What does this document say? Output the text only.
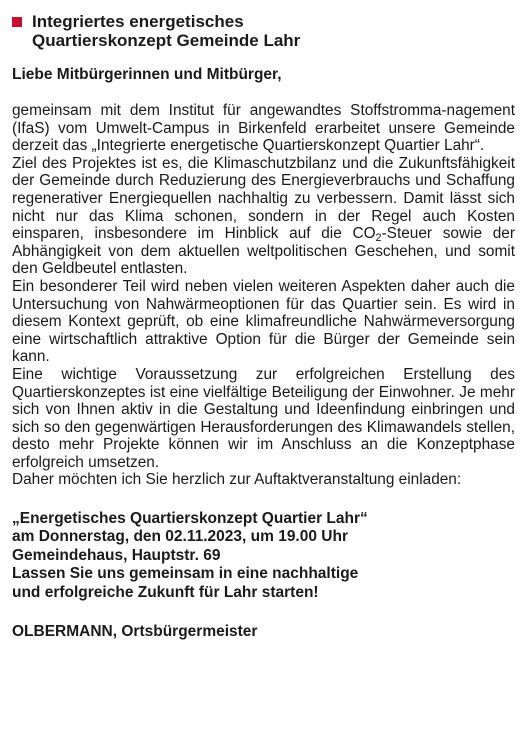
Integriertes energetisches
Quartierskonzept Gemeinde Lahr
Liebe Mitbürgerinnen und Mitbürger,
gemeinsam mit dem Institut für angewandtes Stoffstromma-nagement (IfaS) vom Umwelt-Campus in Birkenfeld erarbeitet unsere Gemeinde derzeit das „Integrierte energetische Quartierskonzept Quartier Lahr“.
Ziel des Projektes ist es, die Klimaschutzbilanz und die Zukunftsfähigkeit der Gemeinde durch Reduzierung des Energieverbrauchs und Schaffung regenerativer Energiequellen nachhaltig zu verbessern. Damit lässt sich nicht nur das Klima schonen, sondern in der Regel auch Kosten einsparen, insbesondere im Hinblick auf die $CO_2$-Steuer sowie der Abhängigkeit von dem aktuellen weltpolitischen Geschehen, und somit den Geldbeutel entlasten.
Ein besonderer Teil wird neben vielen weiteren Aspekten daher auch die Untersuchung von Nahwärmeoptionen für das Quartier sein. Es wird in diesem Kontext geprüft, ob eine klimafreundliche Nahwärmeversorgung eine wirtschaftlich attraktive Option für die Bürger der Gemeinde sein kann.
Eine wichtige Voraussetzung zur erfolgreichen Erstellung des Quartierskonzeptes ist eine vielfältige Beteiligung der Einwohner. Je mehr sich von Ihnen aktiv in die Gestaltung und Ideenfindung einbringen und sich so den gegenwärtigen Herausforderungen des Klimawandels stellen, desto mehr Projekte können wir im Anschluss an die Konzeptphase erfolgreich umsetzen.
Daher möchten ich Sie herzlich zur Auftaktveranstaltung einladen:
„Energetisches Quartierskonzept Quartier Lahr“
am Donnerstag, den 02.11.2023, um 19.00 Uhr
Gemeindehaus, Hauptstr. 69
Lassen Sie uns gemeinsam in eine nachhaltige
und erfolgreiche Zukunft für Lahr starten!
OLBERMANN, Ortsbürgermeister
